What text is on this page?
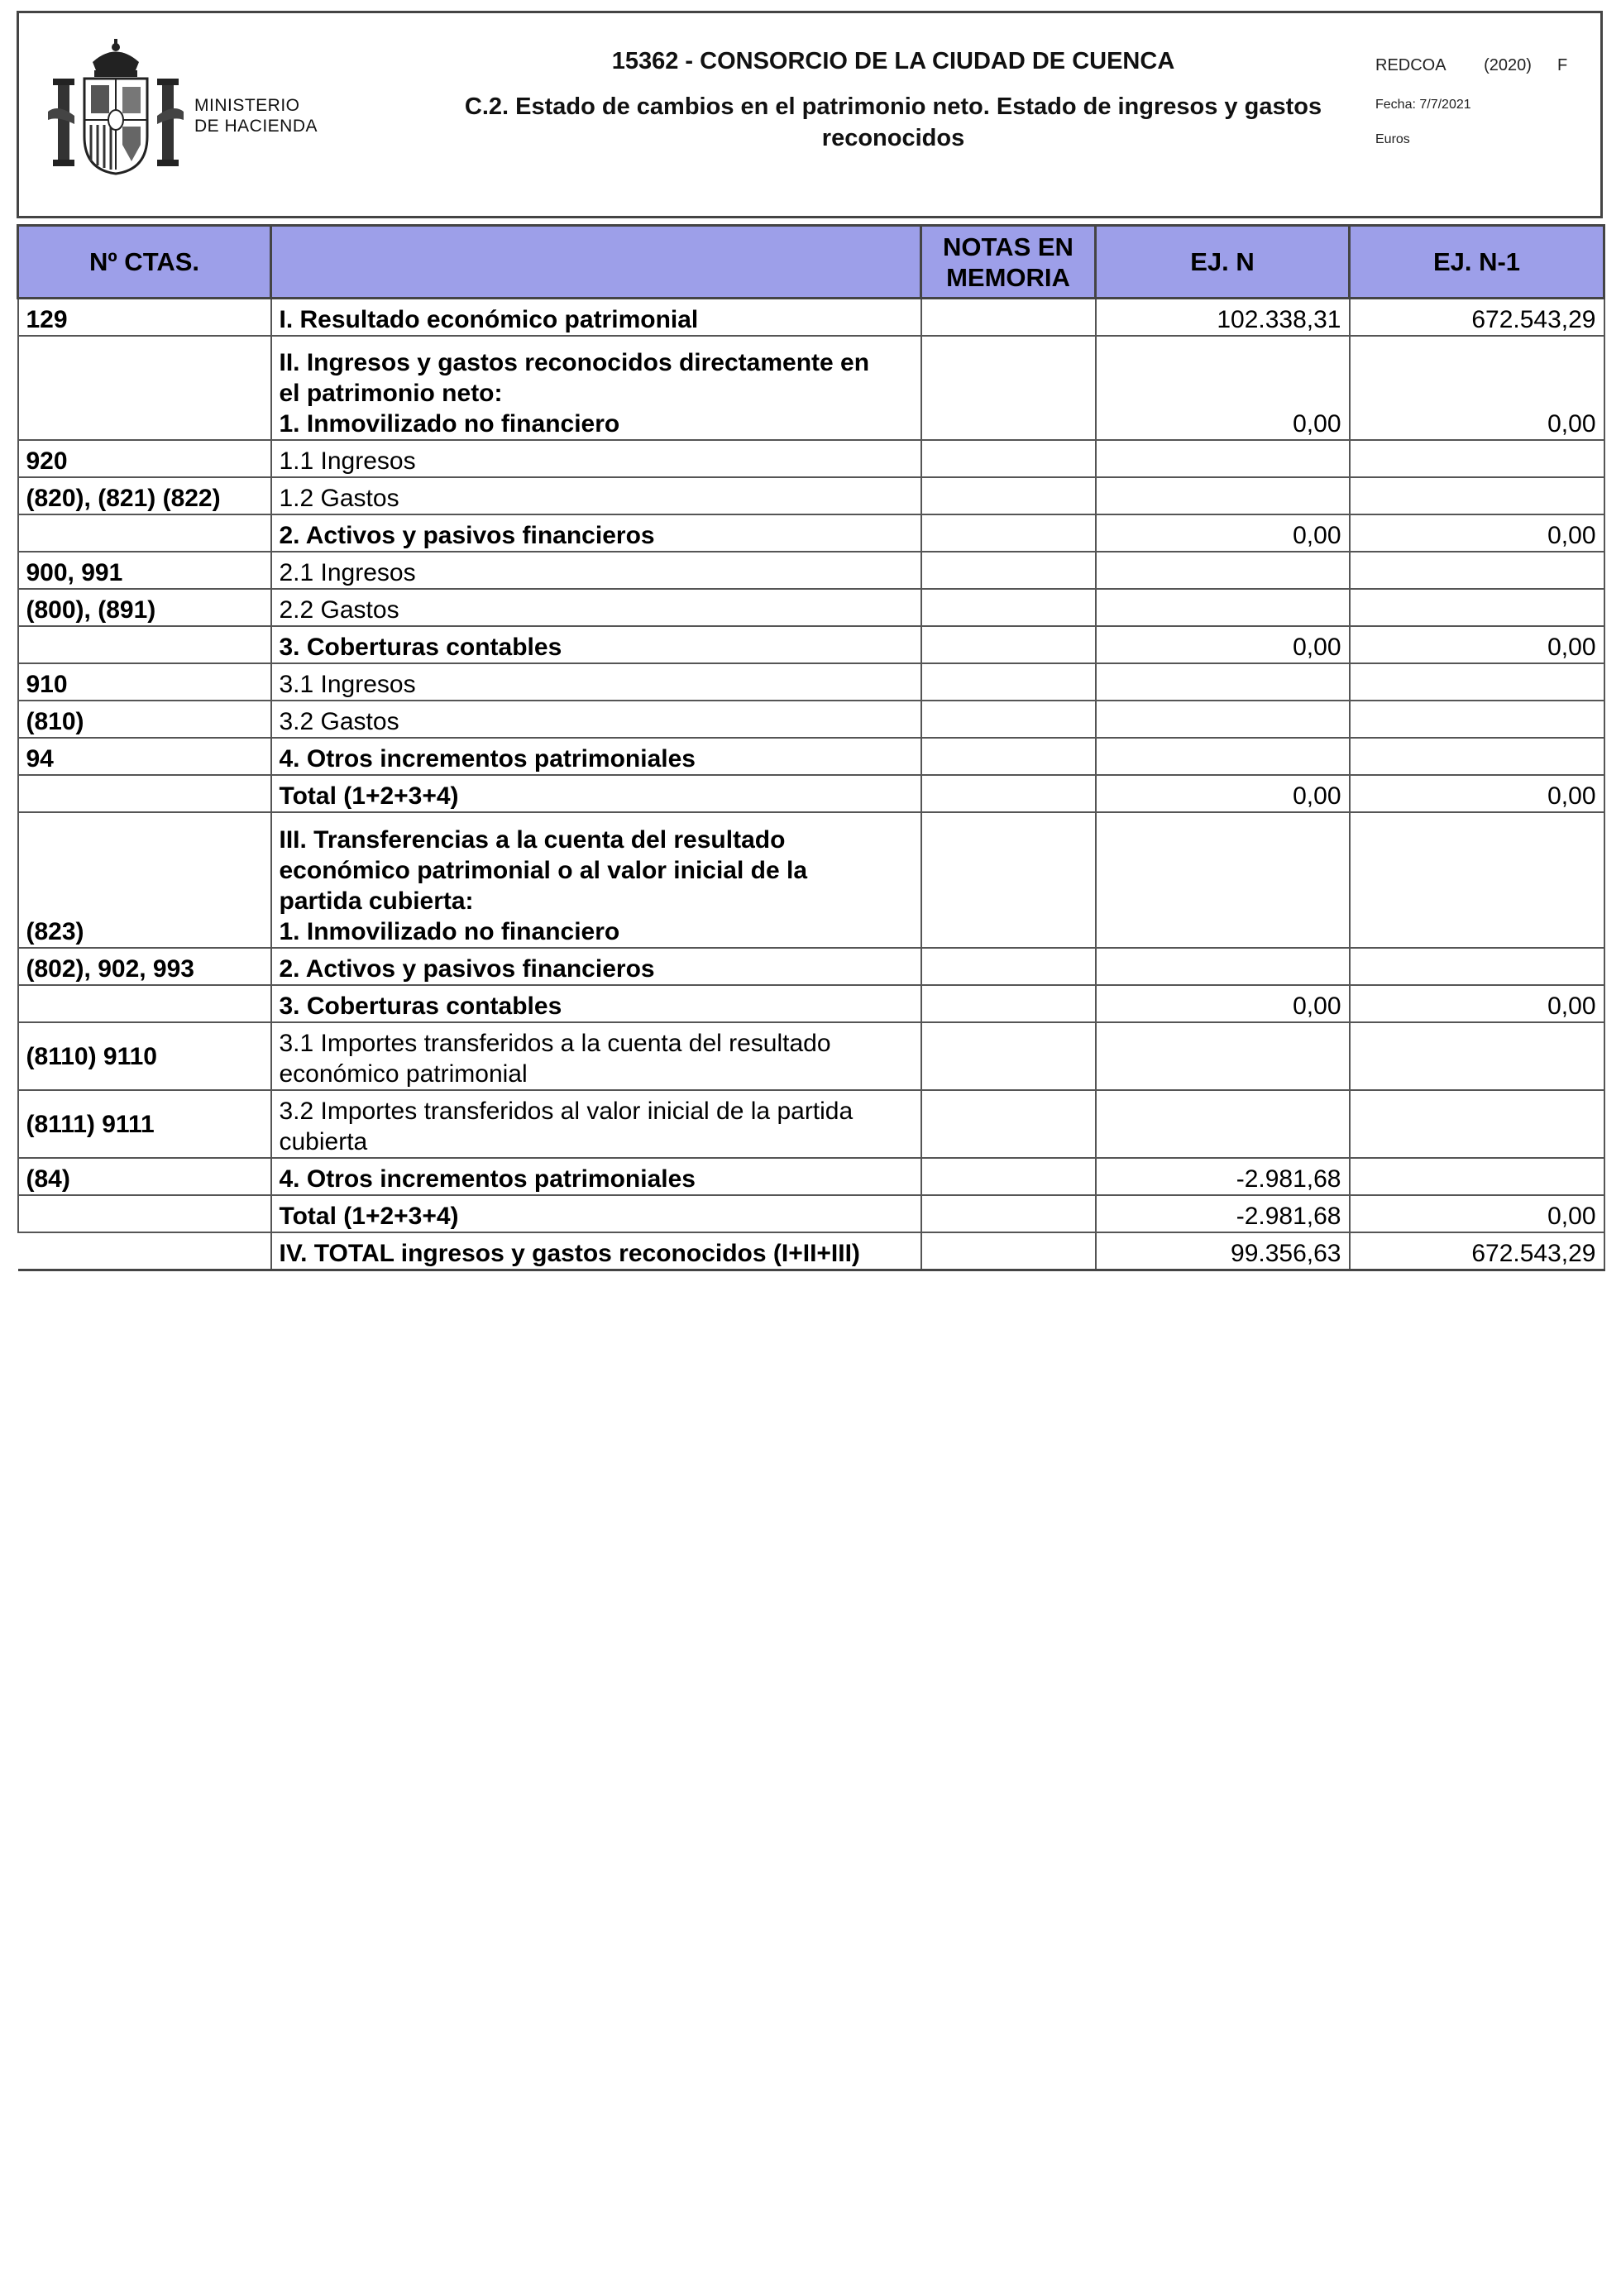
MINISTERIO
DE HACIENDA
15362 - CONSORCIO DE LA CIUDAD DE CUENCA
C.2. Estado de cambios en el patrimonio neto. Estado de ingresos y gastos
reconocidos
REDCOA   (2020)  F
Fecha: 7/7/2021
Euros
Nº CTAS.		NOTAS EN
MEMORIA	EJ. N	EJ. N-1
129	I. Resultado económico patrimonial		102.338,31	672.543,29

	II. Ingresos y gastos reconocidos directamente en
el patrimonio neto:
1. Inmovilizado no financiero		0,00	0,00
920	1.1 Ingresos			
(820), (821) (822)	1.2 Gastos			
	2. Activos y pasivos financieros		0,00	0,00
900, 991	2.1 Ingresos			
(800), (891)	2.2 Gastos			
	3. Coberturas contables		0,00	0,00
910	3.1 Ingresos			
(810)	3.2 Gastos			
94	4. Otros incrementos patrimoniales			
	Total (1+2+3+4)		0,00	0,00
(823)	III. Transferencias a la cuenta del resultado
económico patrimonial o al valor inicial de la
partida cubierta:
1. Inmovilizado no financiero			

(802), 902, 993	2. Activos y pasivos financieros			
	3. Coberturas contables		0,00	0,00
(8110) 9110	3.1 Importes transferidos a la cuenta del resultado
económico patrimonial			

(8111) 9111	3.2 Importes transferidos al valor inicial de la partida
cubierta			

(84)	4. Otros incrementos patrimoniales		-2.981,68	
	Total (1+2+3+4)		-2.981,68	0,00
	IV. TOTAL ingresos y gastos reconocidos (I+II+III)		99.356,63	672.543,29
